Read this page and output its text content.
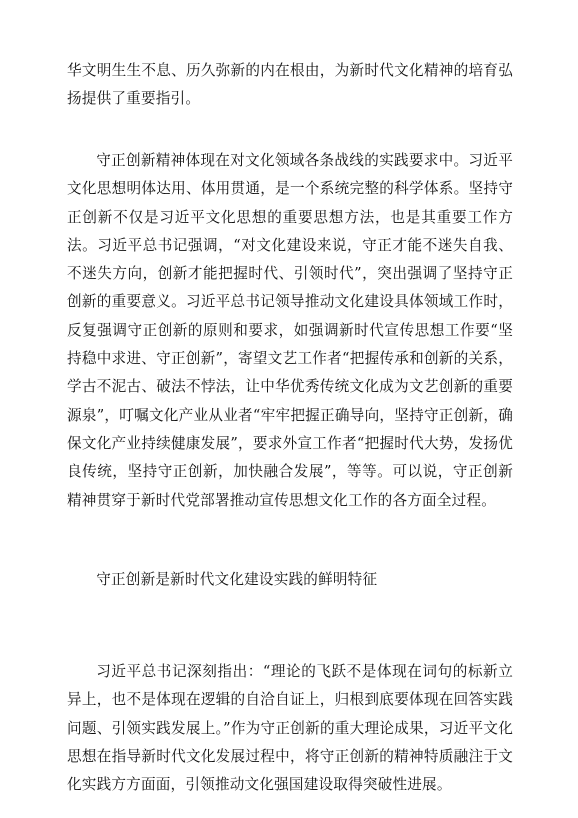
华文明生生不息、历久弥新的内在根由，为新时代文化精神的培育弘扬提供了重要指引。

守正创新精神体现在对文化领域各条战线的实践要求中。习近平文化思想明体达用、体用贯通，是一个系统完整的科学体系。坚持守正创新不仅是习近平文化思想的重要思想方法，也是其重要工作方法。习近平总书记强调，“对文化建设来说，守正才能不迷失自我、不迷失方向，创新才能把握时代、引领时代”，突出强调了坚持守正创新的重要意义。习近平总书记领导推动文化建设具体领域工作时，反复强调守正创新的原则和要求，如强调新时代宣传思想工作要“坚持稳中求进、守正创新”，寄望文艺工作者“把握传承和创新的关系，学古不泥古、破法不悖法，让中华优秀传统文化成为文艺创新的重要源泉”，叮嘱文化产业从业者“牢牢把握正确导向，坚持守正创新，确保文化产业持续健康发展”，要求外宣工作者“把握时代大势，发扬优良传统，坚持守正创新，加快融合发展”，等等。可以说，守正创新精神贯穿于新时代党部署推动宣传思想文化工作的各方面全过程。

守正创新是新时代文化建设实践的鲜明特征

习近平总书记深刻指出：“理论的飞跃不是体现在词句的标新立异上，也不是体现在逻辑的自洽自证上，归根到底要体现在回答实践问题、引领实践发展上。”作为守正创新的重大理论成果，习近平文化思想在指导新时代文化发展过程中，将守正创新的精神特质融注于文化实践方方面面，引领推动文化强国建设取得突破性进展。
